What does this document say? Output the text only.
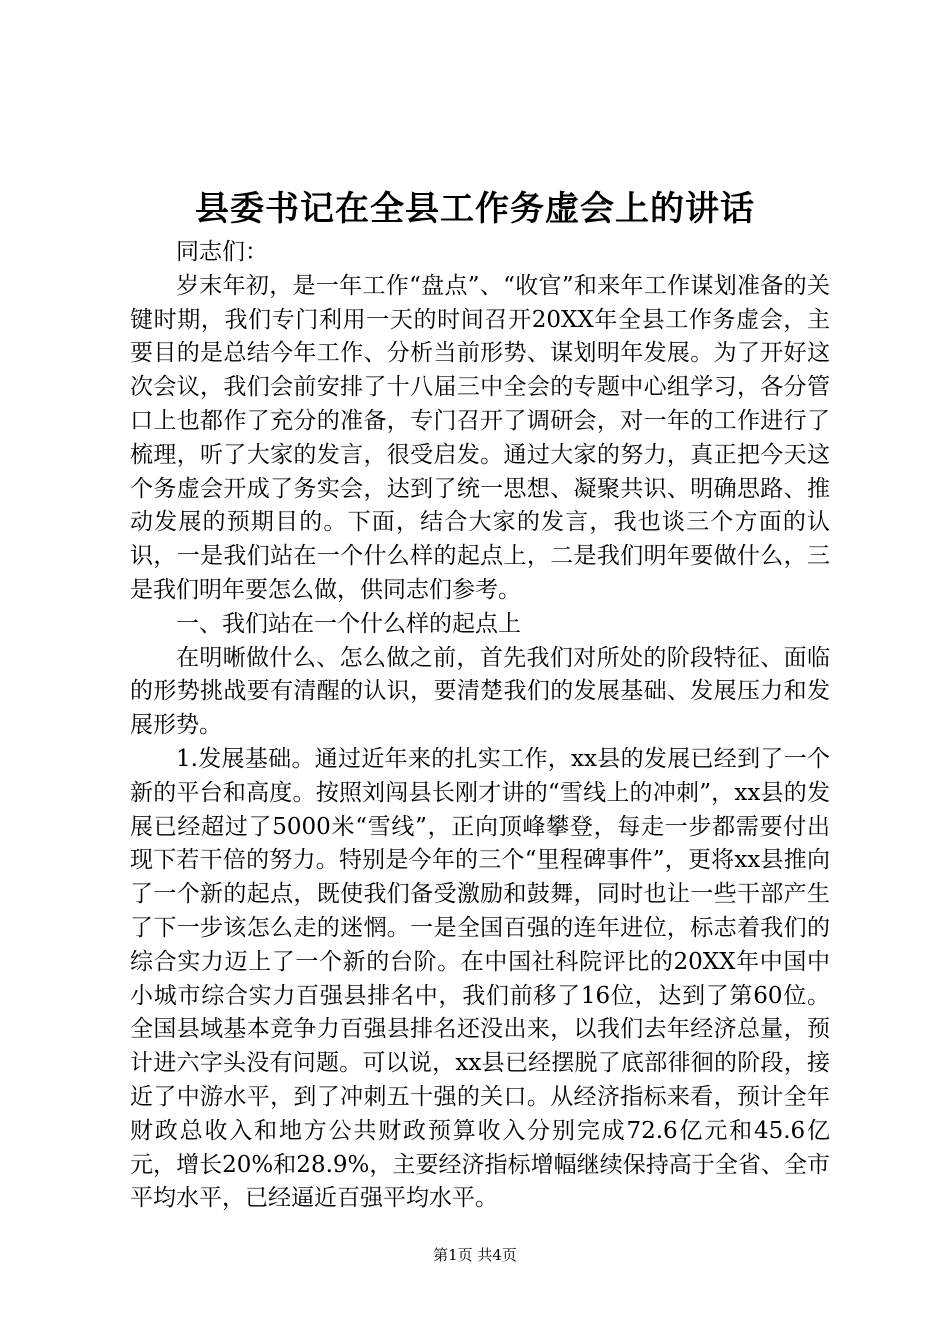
县委书记在全县工作务虚会上的讲话

同志们：

岁末年初，是一年工作“盘点”、“收官”和来年工作谋划准备的关键时期，我们专门利用一天的时间召开20XX年全县工作务虚会，主要目的是总结今年工作、分析当前形势、谋划明年发展。为了开好这次会议，我们会前安排了十八届三中全会的专题中心组学习，各分管口上也都作了充分的准备，专门召开了调研会，对一年的工作进行了梳理，听了大家的发言，很受启发。通过大家的努力，真正把今天这个务虚会开成了务实会，达到了统一思想、凝聚共识、明确思路、推动发展的预期目的。下面，结合大家的发言，我也谈三个方面的认识，一是我们站在一个什么样的起点上，二是我们明年要做什么，三是我们明年要怎么做，供同志们参考。

一、我们站在一个什么样的起点上

在明晰做什么、怎么做之前，首先我们对所处的阶段特征、面临的形势挑战要有清醒的认识，要清楚我们的发展基础、发展压力和发展形势。

1.发展基础。通过近年来的扎实工作，xx县的发展已经到了一个新的平台和高度。按照刘闯县长刚才讲的“雪线上的冲刺”，xx县的发展已经超过了5000米“雪线”，正向顶峰攀登，每走一步都需要付出现下若干倍的努力。特别是今年的三个“里程碑事件”，更将xx县推向了一个新的起点，既使我们备受激励和鼓舞，同时也让一些干部产生了下一步该怎么走的迷惘。一是全国百强的连年进位，标志着我们的综合实力迈上了一个新的台阶。在中国社科院评比的20XX年中国中小城市综合实力百强县排名中，我们前移了16位，达到了第60位。全国县域基本竞争力百强县排名还没出来，以我们去年经济总量，预计进六字头没有问题。可以说，xx县已经摆脱了底部徘徊的阶段，接近了中游水平，到了冲刺五十强的关口。从经济指标来看，预计全年财政总收入和地方公共财政预算收入分别完成72.6亿元和45.6亿元，增长20%和28.9%，主要经济指标增幅继续保持高于全省、全市平均水平，已经逼近百强平均水平。

第1页 共4页
